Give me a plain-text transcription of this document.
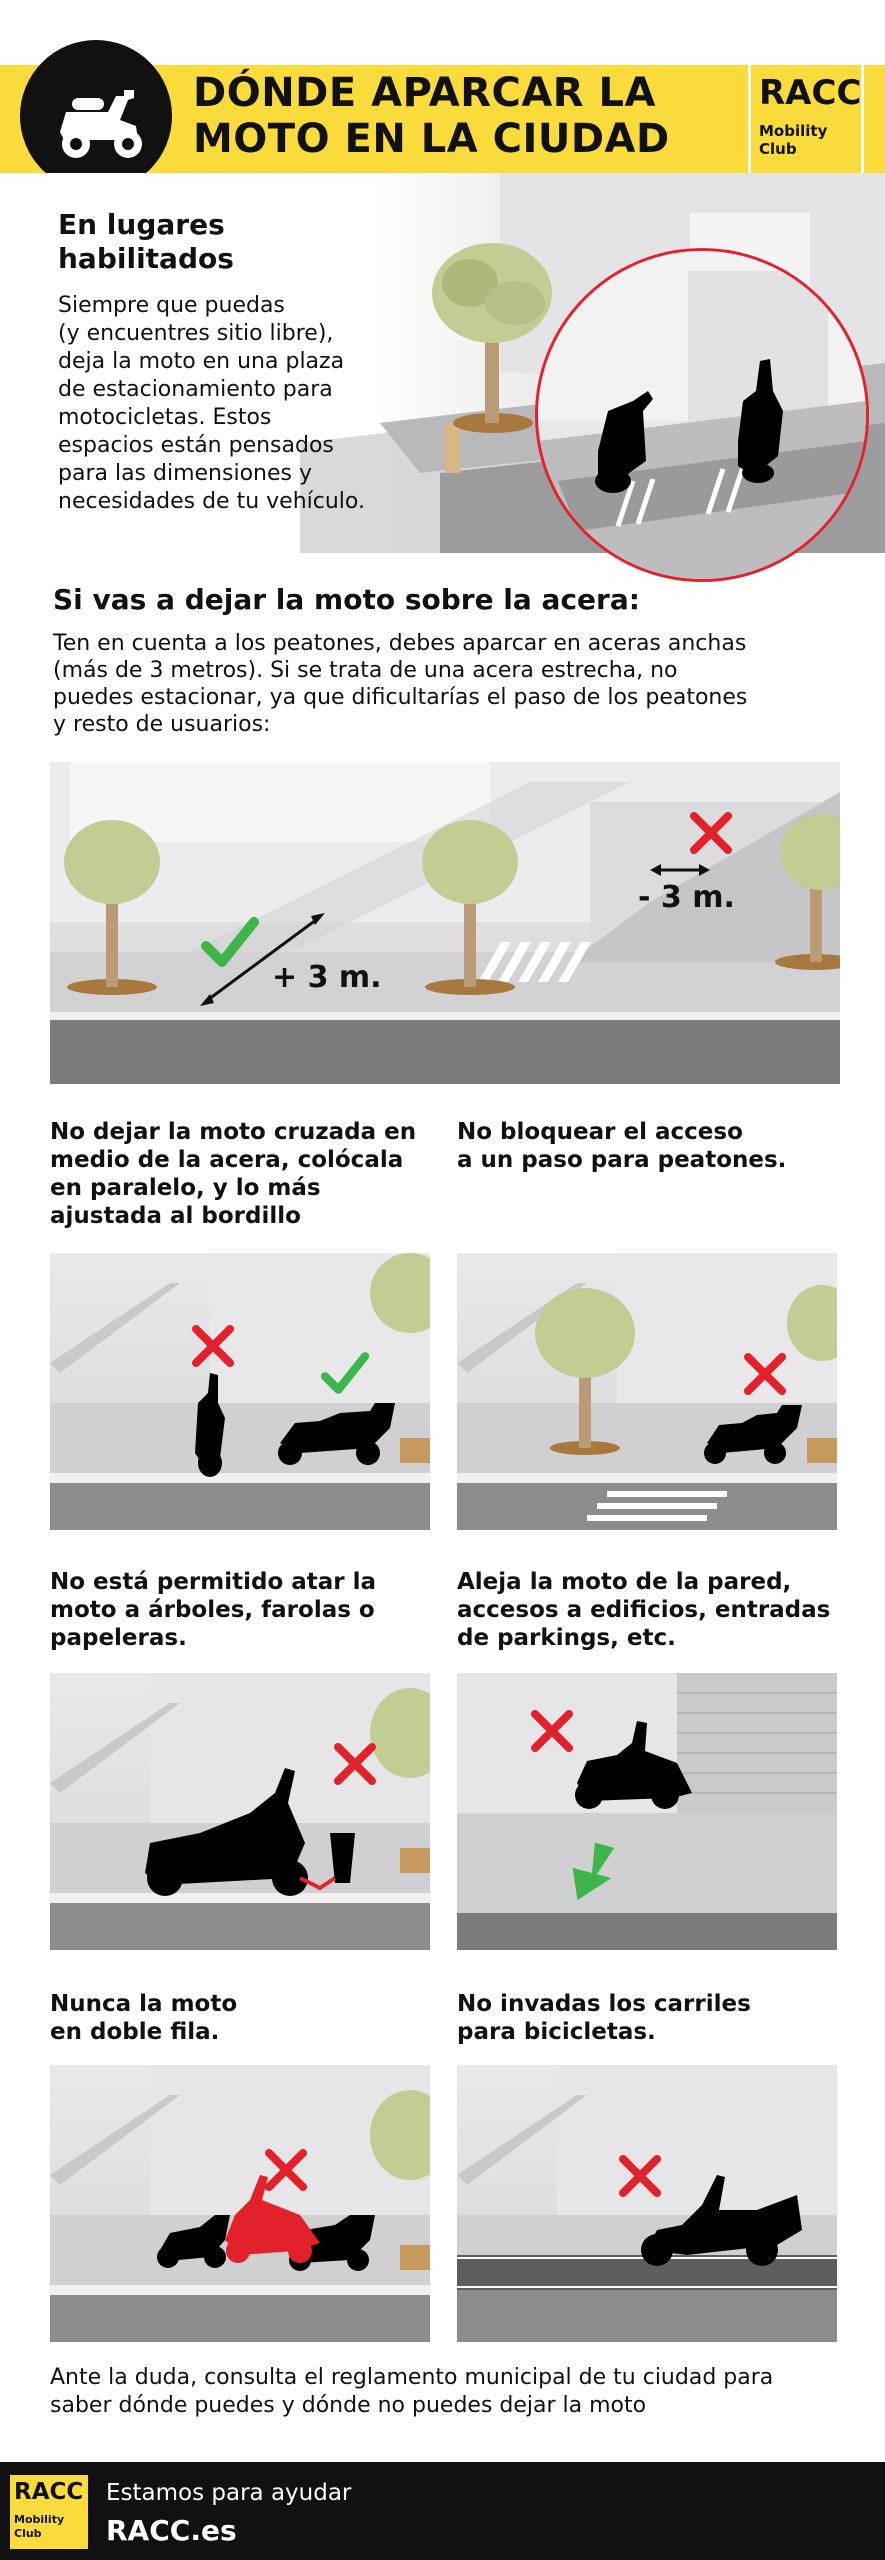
DÓNDE APARCAR LA
MOTO EN LA CIUDAD
RACC
Mobility
Club
En lugares
habilitados
Siempre que puedas
(y encuentres sitio libre),
deja la moto en una plaza
de estacionamiento para
motocicletas. Estos
espacios están pensados
para las dimensiones y
necesidades de tu vehículo.
Si vas a dejar la moto sobre la acera:
Ten en cuenta a los peatones, debes aparcar en aceras anchas
(más de 3 metros). Si se trata de una acera estrecha, no
puedes estacionar, ya que dificultarías el paso de los peatones
y resto de usuarios:
+ 3 m.
- 3 m.
No dejar la moto cruzada en
medio de la acera, colócala
en paralelo, y lo más
ajustada al bordillo
No bloquear el acceso
a un paso para peatones.
No está permitido atar la
moto a árboles, farolas o
papeleras.
Aleja la moto de la pared,
accesos a edificios, entradas
de parkings, etc.
Nunca la moto
en doble fila.
No invadas los carriles
para bicicletas.
Ante la duda, consulta el reglamento municipal de tu ciudad para
saber dónde puedes y dónde no puedes dejar la moto
RACC
Mobility
Club
Estamos para ayudar
RACC.es
